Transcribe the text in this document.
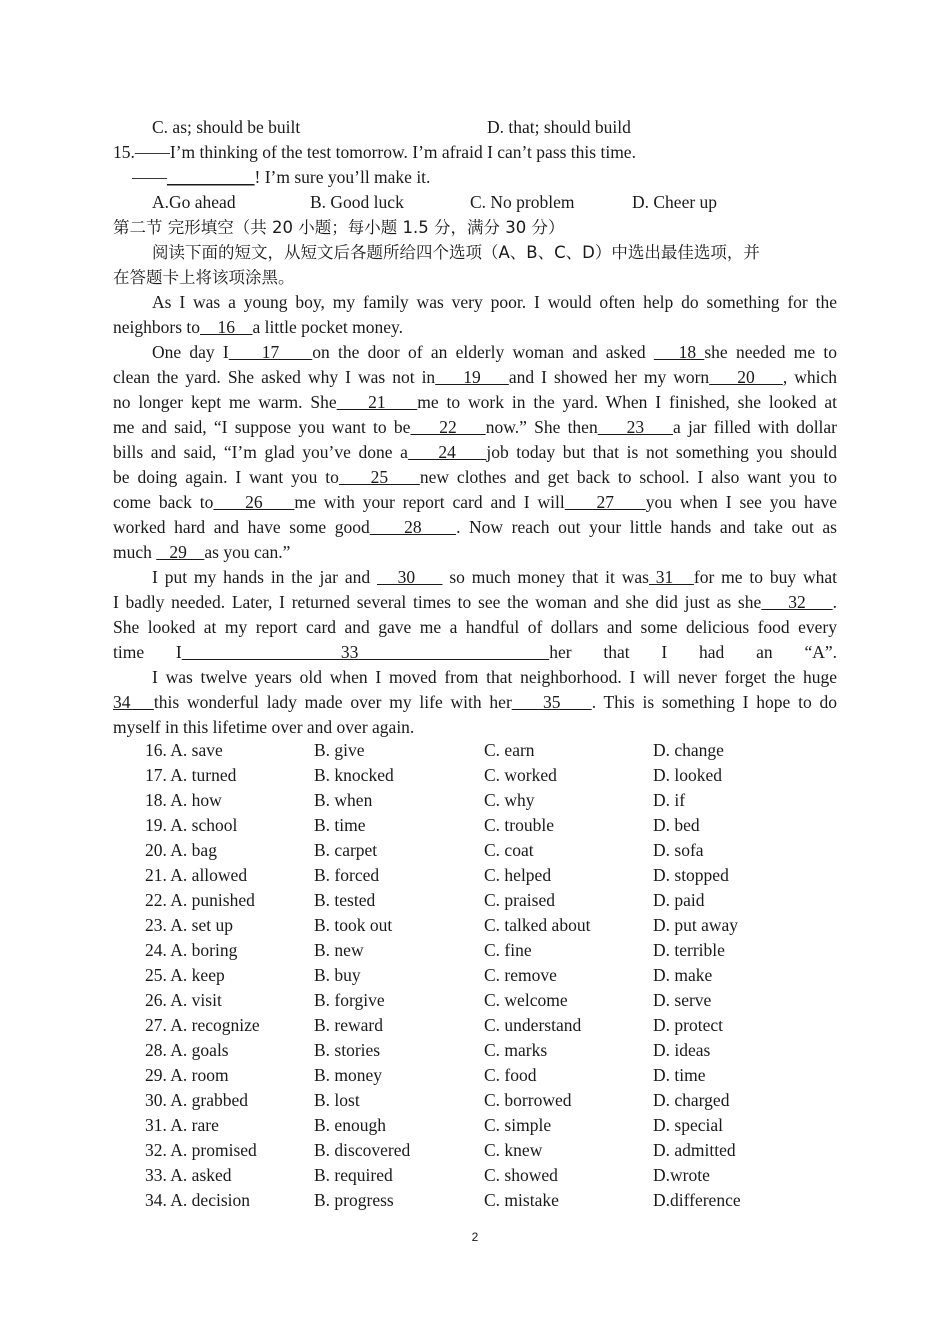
C. as; should be built	D. that; should build
15.——I’m thinking of the test tomorrow. I’m afraid I can’t pass this time.
——__________! I’m sure you’ll make it.
A.Go ahead	B. Good luck	C. No problem	D. Cheer up
第二节 完形填空（共 20 小题；每小题 1.5 分，满分 30 分）
阅读下面的短文，从短文后各题所给四个选项（A、B、C、D）中选出最佳选项，并
在答题卡上将该项涂黑。
As I was a young boy, my family was very poor. I would often help do something for the
neighbors to    16    a little pocket money.
One day I    17    on the door of an elderly woman and asked    18 she needed me to
clean the yard. She asked why I was not in    19    and I showed her my worn    20    , which
no longer kept me warm. She    21    me to work in the yard. When I finished, she looked at
me and said, “I suppose you want to be    22    now.” She then    23    a jar filled with dollar
bills and said, “I’m glad you’ve done a    24    job today but that is not something you should
be doing again. I want you to    25    new clothes and get back to school. I also want you to
come back to    26    me with your report card and I will    27    you when I see you have
worked hard and have some good    28    . Now reach out your little hands and take out as
much    29    as you can.”
I put my hands in the jar and    30     so much money that it was 31   for me to buy what
I badly needed. Later, I returned several times to see the woman and she did just as she    32    .
She looked at my report card and gave me a handful of dollars and some delicious food every
time I     33      her that I had an “A”.
I was twelve years old when I moved from that neighborhood. I will never forget the huge
34   this wonderful lady made over my life with her    35    . This is something I hope to do
myself in this lifetime over and over again.
16. A. save	B. give	C. earn	D. change
17. A. turned	B. knocked	C. worked	D. looked
18. A. how	B. when	C. why	D. if
19. A. school	B. time	C. trouble	D. bed
20. A. bag	B. carpet	C. coat	D. sofa
21. A. allowed	B. forced	C. helped	D. stopped
22. A. punished	B. tested	C. praised	D. paid
23. A. set up	B. took out	C. talked about	D. put away
24. A. boring	B. new	C. fine	D. terrible
25. A. keep	B. buy	C. remove	D. make
26. A. visit	B. forgive	C. welcome	D. serve
27. A. recognize	B. reward	C. understand	D. protect
28. A. goals	B. stories	C. marks	D. ideas
29. A. room	B. money	C. food	D. time
30. A. grabbed	B. lost	C. borrowed	D. charged
31. A. rare	B. enough	C. simple	D. special
32. A. promised	B. discovered	C. knew	D. admitted
33. A. asked	B. required	C. showed	D.wrote
34. A. decision	B. progress	C. mistake	D.difference
2
